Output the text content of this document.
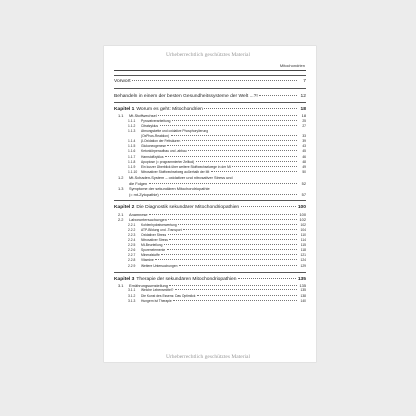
Mitochondrien
Vorwort	7
Behandeln in einem der besten Gesundheitssysteme der Welt ...?!	12
Kapitel 1 Worum es geht: Mitochondrien	18
1.1	Mt-Stoffwechsel	18
1.1.1	Pyruvatverarbeitung	25
1.1.2	Citratzyklus	27
1.1.3	Atmungskette und oxidative Phosphorylierung
(OxPhos-Reaktion)	33
1.1.4	β-Oxidation der Fettsäuren	39
1.1.5	Glukoneogenese	43
1.1.6	Ketonkörperaufbau und -abbau	45
1.1.7	Harnstoffzyklus	46
1.1.8	Apoptose (= programmierter Zelltod)	48
1.1.9	Ein kurzer Überblick über weitere Stoffwechselwege in der Mt	49
1.1.10	Nitrosativer Stoffwechselweg außerhalb der Mt	50
1.2	Mt-Schaden-System – oxidativer und nitrosativer Stress und
die Folgen	52
1.3	Symptome der sekundären Mitochondriopathie
(= mt-Zytopathie)	57
Kapitel 2 Die Diagnostik sekundärer Mitochondriopathien	100
2.1	Anamnese	100
2.2	Laboruntersuchungen	102
2.2.1	Kohlenhydratverwertung	102
2.2.2	ATP-Bildung und -Transport	104
2.2.3	Oxidativer Stress	110
2.2.4	Nitrosativer Stress	114
2.2.5	Mt-Beurteilung	115
2.2.6	Spurenelemente	118
2.2.7	Mineralstoffe	121
2.2.8	Vitamine	124
2.2.9	Weitere Untersuchungen	129
Kapitel 3 Therapie der sekundären Mitochondriopathien	135
3.1	Ernährungsumstellung	135
3.1.1	Welche Lebensmittel?	135
3.1.2	Die Kunst des Essens: Das Optimilck	138
3.1.3	Hungern ist Therapie	140
Urheberrechtlich geschütztes Material
Urheberrechtlich geschütztes Material
